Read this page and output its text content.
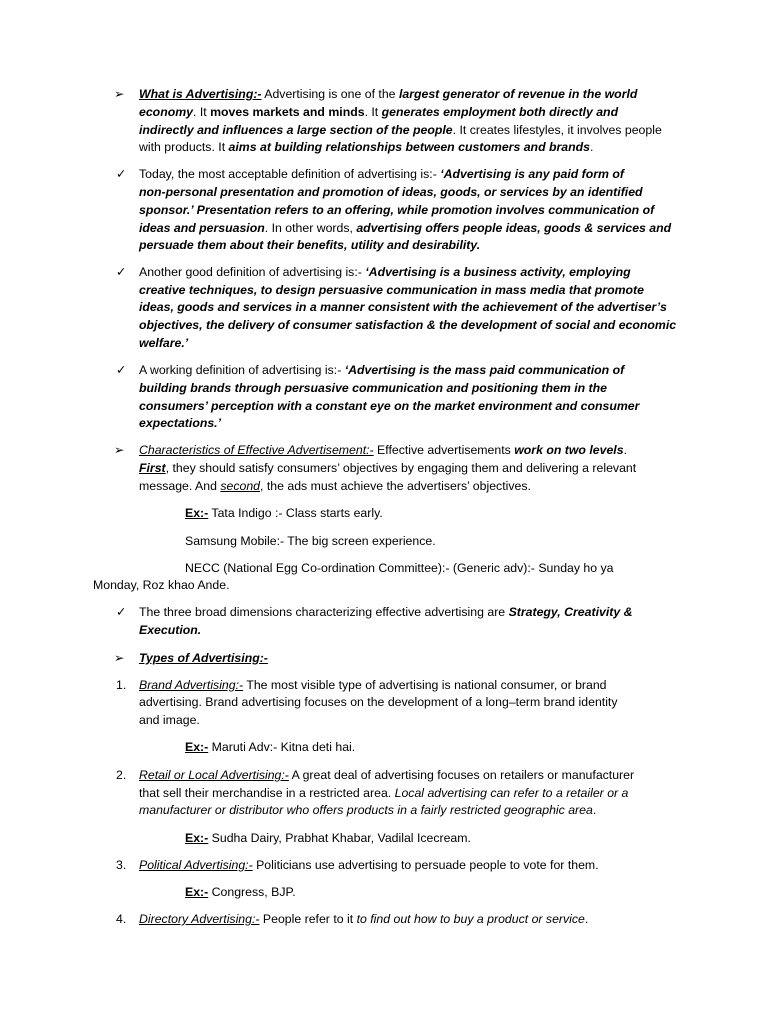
➢ What is Advertising:- Advertising is one of the largest generator of revenue in the world
economy. It moves markets and minds. It generates employment both directly and
indirectly and influences a large section of the people. It creates lifestyles, it involves people
with products. It aims at building relationships between customers and brands.
✓ Today, the most acceptable definition of advertising is:- ‘Advertising is any paid form of
non-personal presentation and promotion of ideas, goods, or services by an identified
sponsor.’ Presentation refers to an offering, while promotion involves communication of
ideas and persuasion. In other words, advertising offers people ideas, goods & services and
persuade them about their benefits, utility and desirability.
✓ Another good definition of advertising is:- ‘Advertising is a business activity, employing
creative techniques, to design persuasive communication in mass media that promote
ideas, goods and services in a manner consistent with the achievement of the advertiser’s
objectives, the delivery of consumer satisfaction & the development of social and economic
welfare.’
✓ A working definition of advertising is:- ‘Advertising is the mass paid communication of
building brands through persuasive communication and positioning them in the
consumers’ perception with a constant eye on the market environment and consumer
expectations.’
➢ Characteristics of Effective Advertisement:- Effective advertisements work on two levels.
First, they should satisfy consumers’ objectives by engaging them and delivering a relevant
message. And second, the ads must achieve the advertisers’ objectives.
Ex:- Tata Indigo :- Class starts early.
Samsung Mobile:- The big screen experience.
NECC (National Egg Co-ordination Committee):- (Generic adv):- Sunday ho ya
Monday, Roz khao Ande.
✓ The three broad dimensions characterizing effective advertising are Strategy, Creativity &
Execution.
➢ Types of Advertising:-
1. Brand Advertising:- The most visible type of advertising is national consumer, or brand
advertising. Brand advertising focuses on the development of a long–term brand identity
and image.
Ex:- Maruti Adv:- Kitna deti hai.
2. Retail or Local Advertising:- A great deal of advertising focuses on retailers or manufacturer
that sell their merchandise in a restricted area. Local advertising can refer to a retailer or a
manufacturer or distributor who offers products in a fairly restricted geographic area.
Ex:- Sudha Dairy, Prabhat Khabar, Vadilal Icecream.
3. Political Advertising:- Politicians use advertising to persuade people to vote for them.
Ex:- Congress, BJP.
4. Directory Advertising:- People refer to it to find out how to buy a product or service.
